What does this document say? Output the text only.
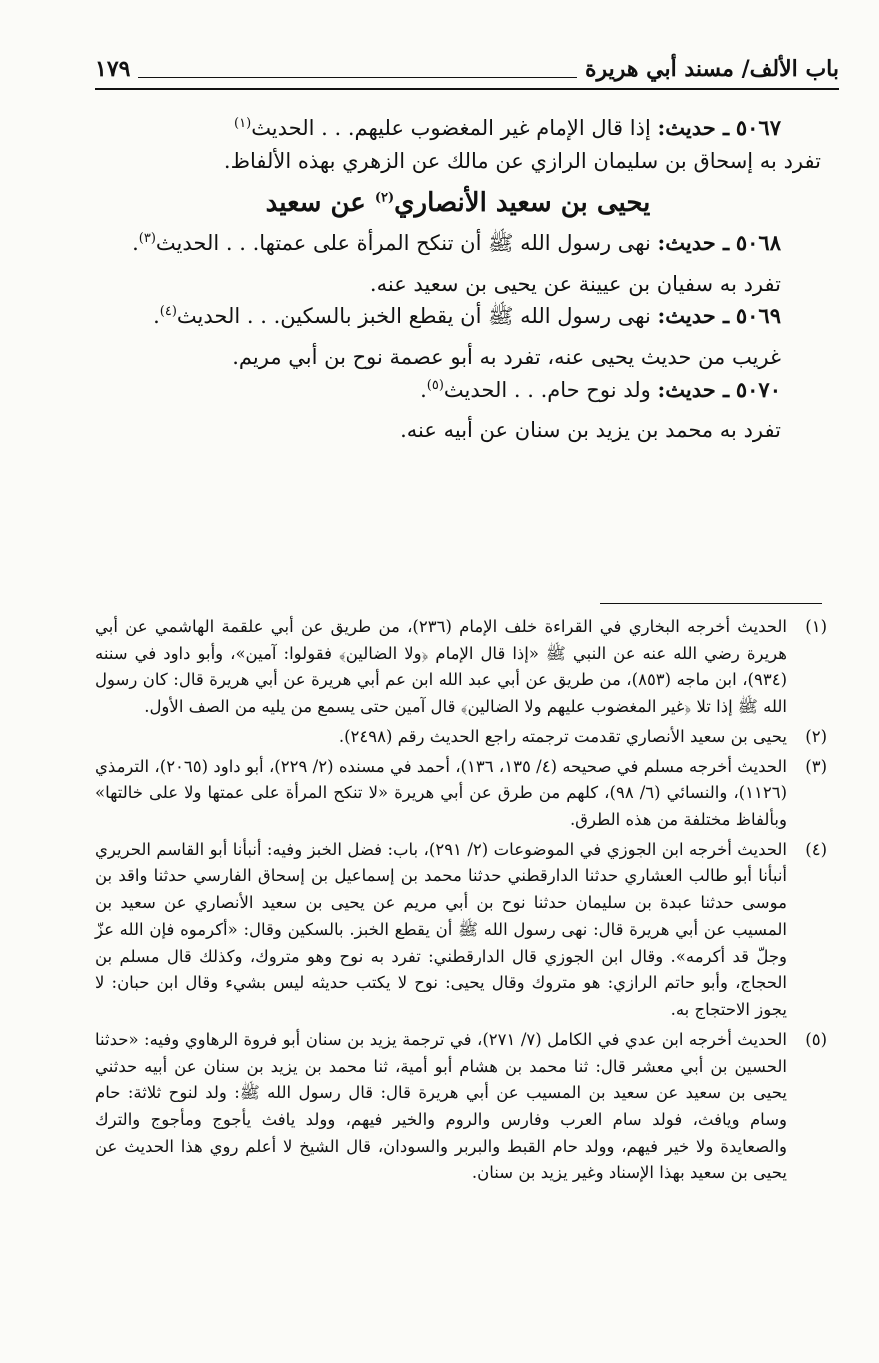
باب الألف/ مسند أبي هريرة
١٧٩

٥٠٦٧ ـ حديث: إذا قال الإمام غير المغضوب عليهم. . . الحديث$^{(١)}$

تفرد به إسحاق بن سليمان الرازي عن مالك عن الزهري بهذه الألفاظ.

يحيى بن سعيد الأنصاري$^{(٢)}$ عن سعيد

٥٠٦٨ ـ حديث: نهى رسول الله ﷺ أن تنكح المرأة على عمتها. . . الحديث$^{(٣)}$.

تفرد به سفيان بن عيينة عن يحيى بن سعيد عنه.

٥٠٦٩ ـ حديث: نهى رسول الله ﷺ أن يقطع الخبز بالسكين. . . الحديث$^{(٤)}$.

غريب من حديث يحيى عنه، تفرد به أبو عصمة نوح بن أبي مريم.

٥٠٧٠ ـ حديث: ولد نوح حام. . . الحديث$^{(٥)}$.

تفرد به محمد بن يزيد بن سنان عن أبيه عنه.

(١)
الحديث أخرجه البخاري في القراءة خلف الإمام (٢٣٦)، من طريق عن أبي علقمة الهاشمي عن أبي هريرة رضي الله عنه عن النبي ﷺ «إذا قال الإمام ﴿ولا الضالين﴾ فقولوا: آمين»، وأبو داود في سننه (٩٣٤)، ابن ماجه (٨٥٣)، من طريق عن أبي عبد الله ابن عم أبي هريرة عن أبي هريرة قال: كان رسول الله ﷺ إذا تلا ﴿غير المغضوب عليهم ولا الضالين﴾ قال آمين حتى يسمع من يليه من الصف الأول.
(٢)
يحيى بن سعيد الأنصاري تقدمت ترجمته راجع الحديث رقم (٢٤٩٨).
(٣)
الحديث أخرجه مسلم في صحيحه (٤/ ١٣٥، ١٣٦)، أحمد في مسنده (٢/ ٢٢٩)، أبو داود (٢٠٦٥)، الترمذي (١١٢٦)، والنسائي (٦/ ٩٨)، كلهم من طرق عن أبي هريرة «لا تنكح المرأة على عمتها ولا على خالتها» وبألفاظ مختلفة من هذه الطرق.
(٤)
الحديث أخرجه ابن الجوزي في الموضوعات (٢/ ٢٩١)، باب: فضل الخبز وفيه: أنبأنا أبو القاسم الحريري أنبأنا أبو طالب العشاري حدثنا الدارقطني حدثنا محمد بن إسماعيل بن إسحاق الفارسي حدثنا واقد بن موسى حدثنا عبدة بن سليمان حدثنا نوح بن أبي مريم عن يحيى بن سعيد الأنصاري عن سعيد بن المسيب عن أبي هريرة قال: نهى رسول الله ﷺ أن يقطع الخبز. بالسكين وقال: «أكرموه فإن الله عزّ وجلّ قد أكرمه». وقال ابن الجوزي قال الدارقطني: تفرد به نوح وهو متروك، وكذلك قال مسلم بن الحجاج، وأبو حاتم الرازي: هو متروك وقال يحيى: نوح لا يكتب حديثه ليس بشيء وقال ابن حبان: لا يجوز الاحتجاج به.
(٥)
الحديث أخرجه ابن عدي في الكامل (٧/ ٢٧١)، في ترجمة يزيد بن سنان أبو فروة الرهاوي وفيه: «حدثنا الحسين بن أبي معشر قال: ثنا محمد بن هشام أبو أمية، ثنا محمد بن يزيد بن سنان عن أبيه حدثني يحيى بن سعيد عن سعيد بن المسيب عن أبي هريرة قال: قال رسول الله ﷺ: ولد لنوح ثلاثة: حام وسام ويافث، فولد سام العرب وفارس والروم والخير فيهم، وولد يافث يأجوج ومأجوج والترك والصعايدة ولا خير فيهم، وولد حام القبط والبربر والسودان، قال الشيخ لا أعلم روي هذا الحديث عن يحيى بن سعيد بهذا الإسناد وغير يزيد بن سنان.
